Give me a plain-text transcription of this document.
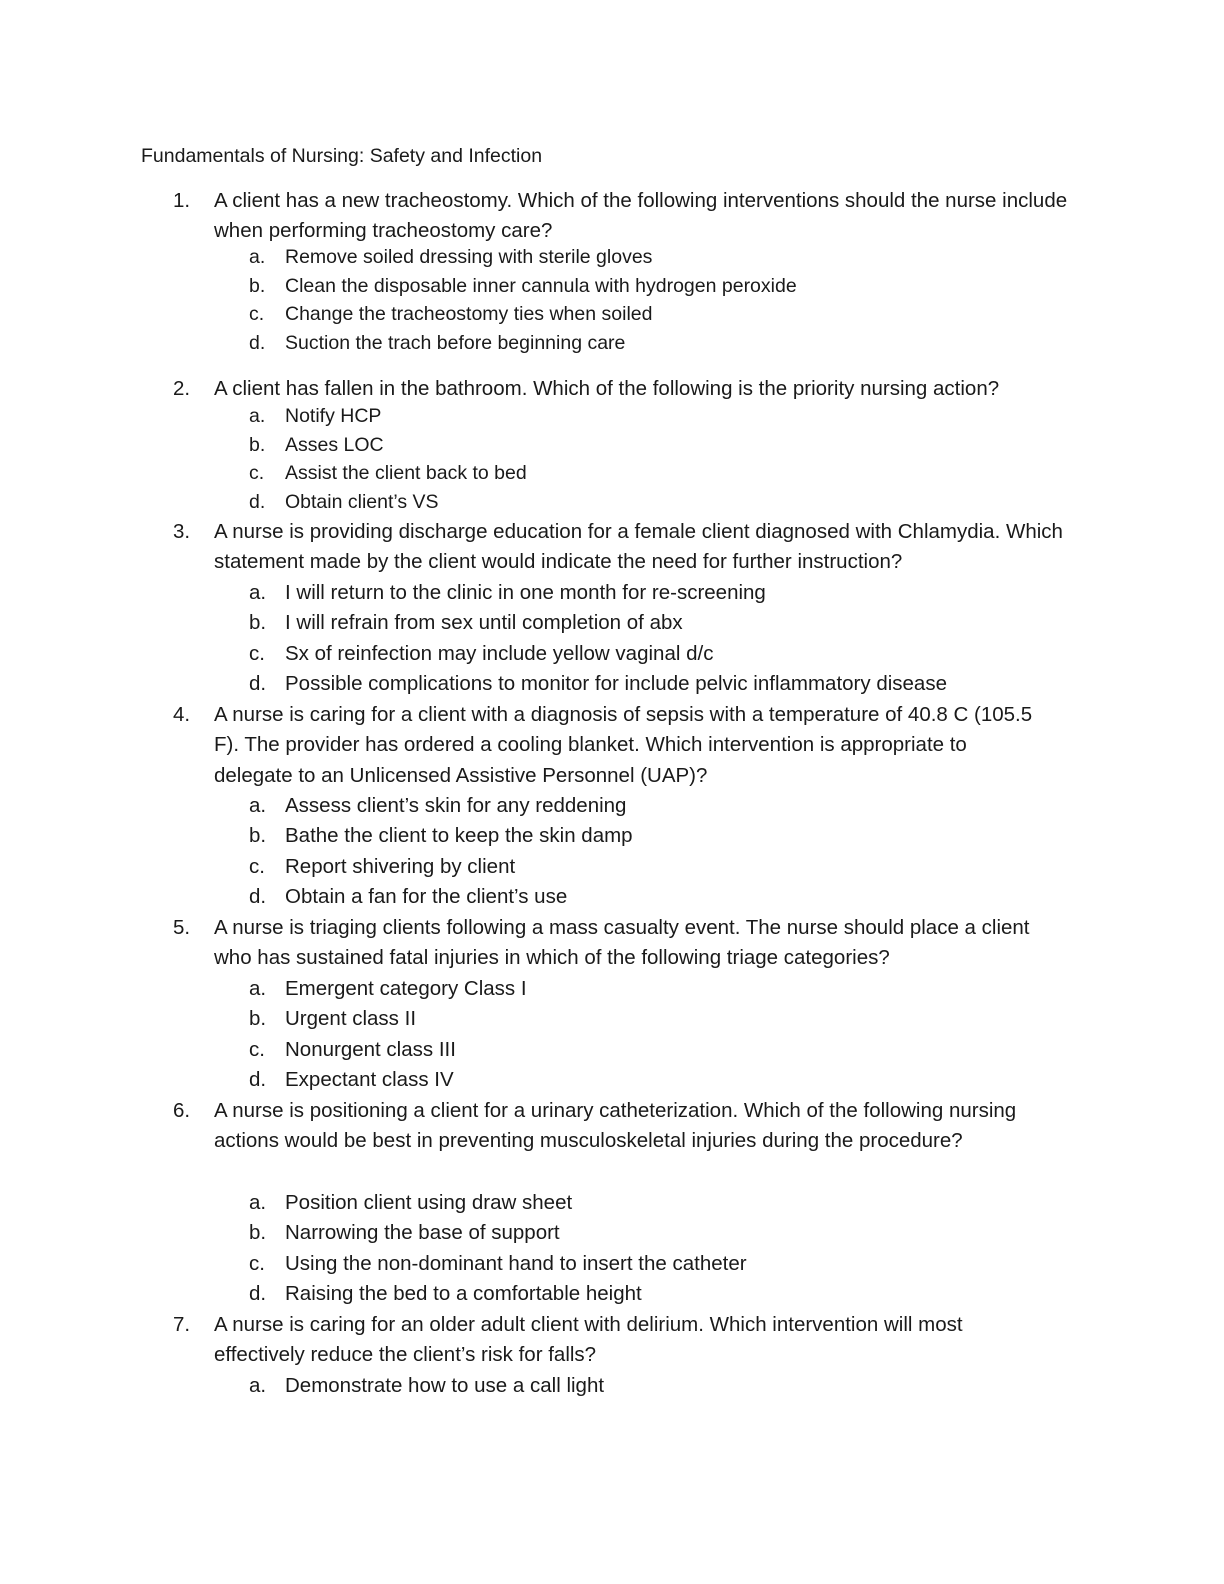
Fundamentals of Nursing: Safety and Infection
1.	A client has a new tracheostomy. Which of the following interventions should the nurse include when performing tracheostomy care?

a.	Remove soiled dressing with sterile gloves
b.	Clean the disposable inner cannula with hydrogen peroxide
c.	Change the tracheostomy ties when soiled
d.	Suction the trach before beginning care
2.	A client has fallen in the bathroom. Which of the following is the priority nursing action?

a.	Notify HCP
b.	Asses LOC
c.	Assist the client back to bed
d.	Obtain client’s VS
3.	A nurse is providing discharge education for a female client diagnosed with Chlamydia. Which statement made by the client would indicate the need for further instruction?

a. I will return to the clinic in one month for re-screening
b. I will refrain from sex until completion of abx
c. Sx of reinfection may include yellow vaginal d/c
d. Possible complications to monitor for include pelvic inflammatory disease
4.	A nurse is caring for a client with a diagnosis of sepsis with a temperature of 40.8 C (105.5 F). The provider has ordered a cooling blanket. Which intervention is appropriate to delegate to an Unlicensed Assistive Personnel (UAP)?

a. Assess client’s skin for any reddening
b. Bathe the client to keep the skin damp
c. Report shivering by client
d. Obtain a fan for the client’s use
5.	A nurse is triaging clients following a mass casualty event. The nurse should place a client who has sustained fatal injuries in which of the following triage categories?

a. Emergent category Class I
b. Urgent class II
c. Nonurgent class III
d. Expectant class IV
6.	A nurse is positioning a client for a urinary catheterization. Which of the following nursing actions would be best in preventing musculoskeletal injuries during the procedure?

a. Position client using draw sheet
b. Narrowing the base of support
c. Using the non-dominant hand to insert the catheter
d. Raising the bed to a comfortable height
7.	A nurse is caring for an older adult client with delirium. Which intervention will most effectively reduce the client’s risk for falls?

a. Demonstrate how to use a call light
